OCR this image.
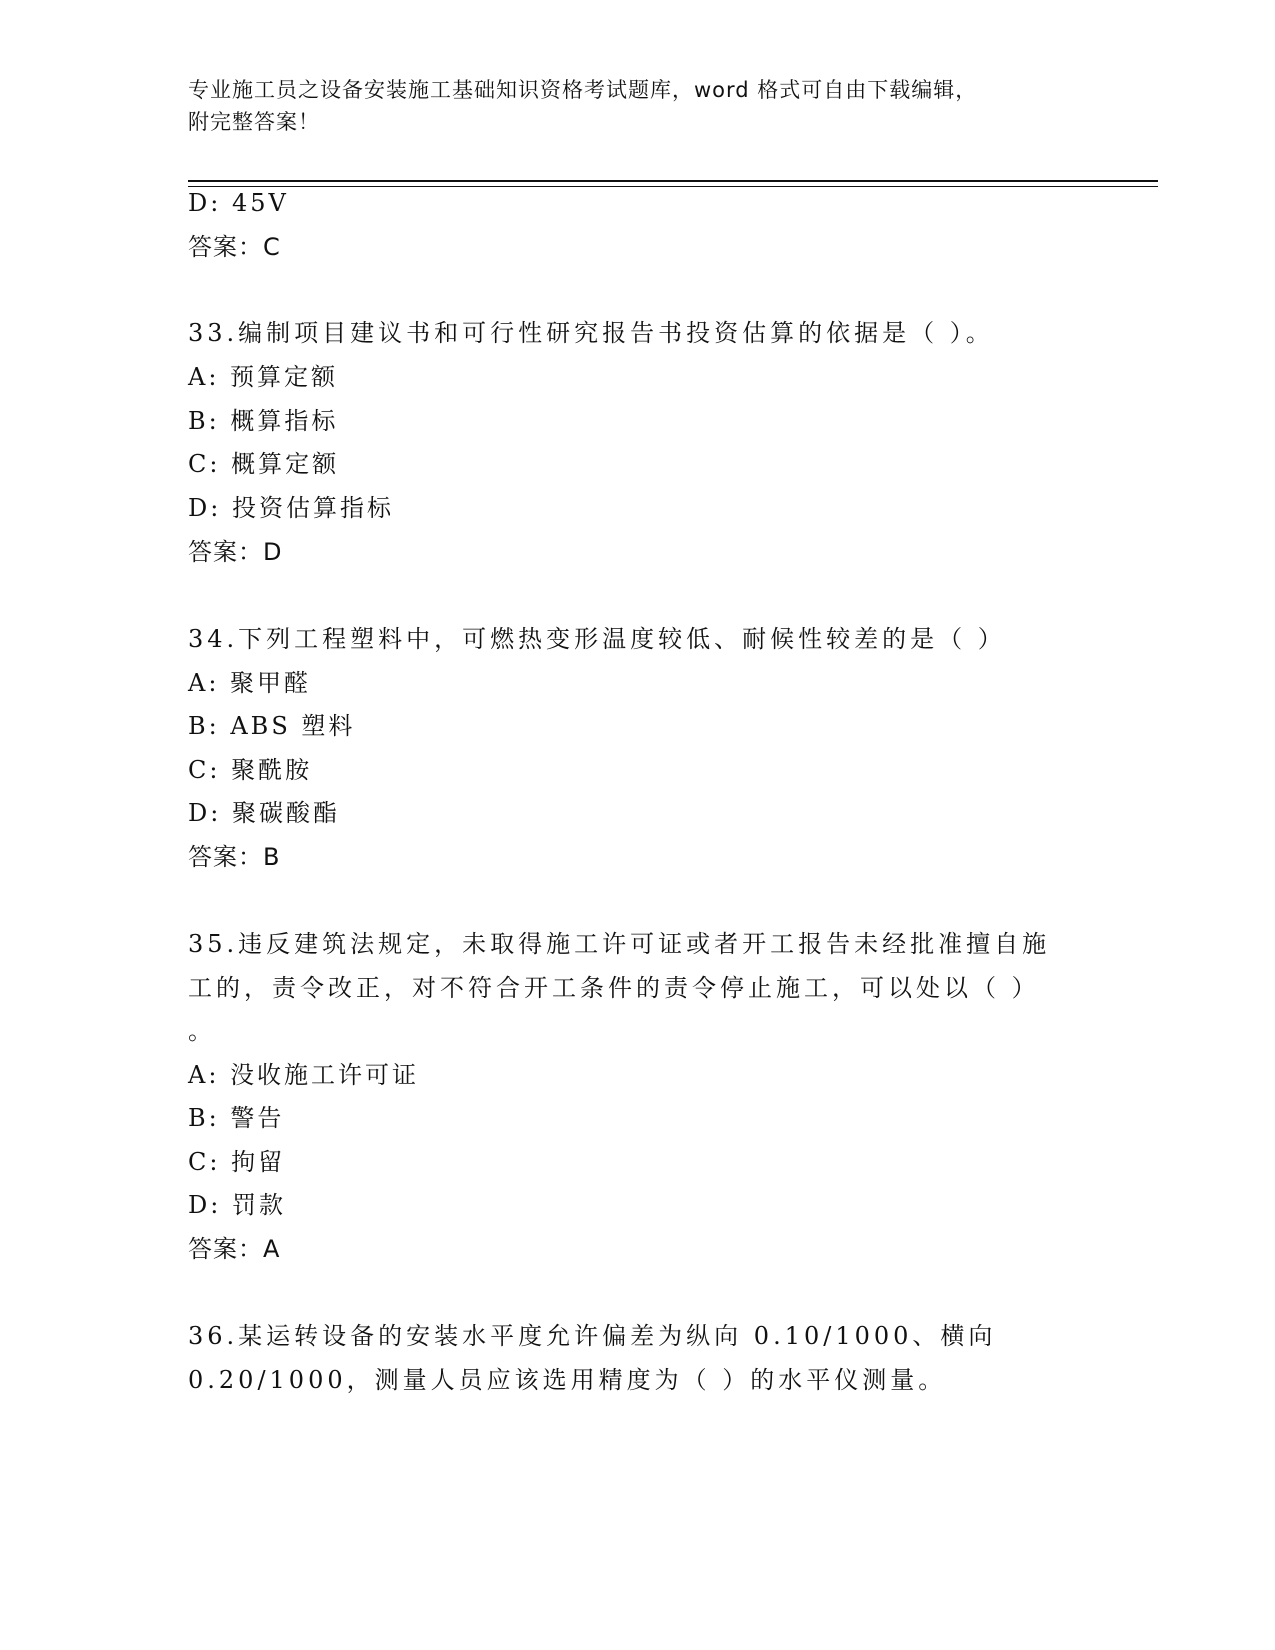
专业施工员之设备安装施工基础知识资格考试题库，word 格式可自由下载编辑，
附完整答案！
D: 45V
答案：C
33.编制项目建议书和可行性研究报告书投资估算的依据是（ ）。
A: 预算定额
B: 概算指标
C: 概算定额
D: 投资估算指标
答案：D
34.下列工程塑料中，可燃热变形温度较低、耐候性较差的是（ ）
A: 聚甲醛
B: ABS 塑料
C: 聚酰胺
D: 聚碳酸酯
答案：B
35.违反建筑法规定，未取得施工许可证或者开工报告未经批准擅自施
工的，责令改正，对不符合开工条件的责令停止施工，可以处以（ ）
。
A: 没收施工许可证
B: 警告
C: 拘留
D: 罚款
答案：A
36.某运转设备的安装水平度允许偏差为纵向 0.10/1000、横向
0.20/1000，测量人员应该选用精度为（ ）的水平仪测量。
